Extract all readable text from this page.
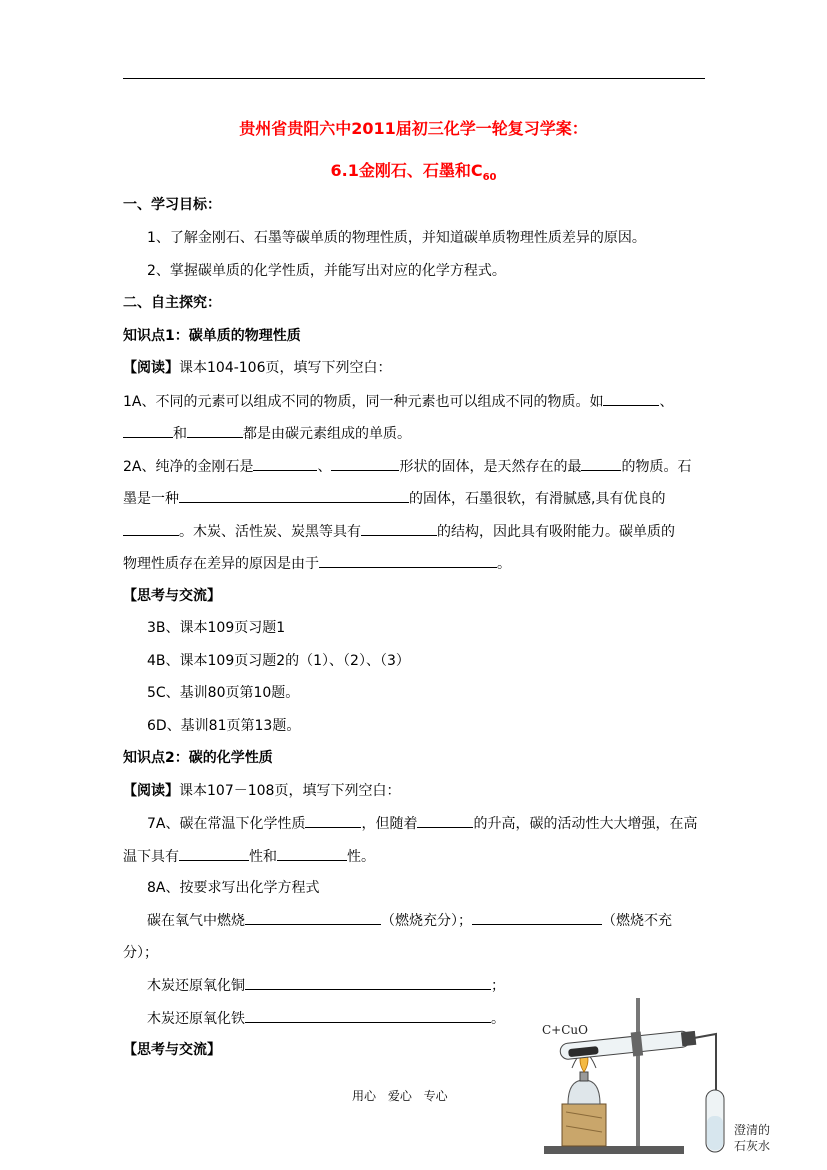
贵州省贵阳六中2011届初三化学一轮复习学案：
6.1金刚石、石墨和$C_{60}$
一、学习目标：
1、了解金刚石、石墨等碳单质的物理性质，并知道碳单质物理性质差异的原因。
2、掌握碳单质的化学性质，并能写出对应的化学方程式。
二、自主探究：
知识点1：碳单质的物理性质
【阅读】课本104-106页，填写下列空白：
1A、不同的元素可以组成不同的物质，同一种元素也可以组成不同的物质。如	、
和	都是由碳元素组成的单质。
2A、纯净的金刚石是	、	形状的固体，是天然存在的最	的物质。石
墨是一种	的固体，石墨很软，有滑腻感,具有优良的
。木炭、活性炭、炭黑等具有	的结构，因此具有吸附能力。碳单质的
物理性质存在差异的原因是由于	。
【思考与交流】
3B、课本109页习题1
4B、课本109页习题2的（1）、（2）、（3）
5C、基训80页第10题。
6D、基训81页第13题。
知识点2：碳的化学性质
【阅读】课本107－108页，填写下列空白：
7A、碳在常温下化学性质	，但随着	的升高，碳的活动性大大增强，在高
温下具有	性和	性。
8A、按要求写出化学方程式
碳在氧气中燃烧	（燃烧充分）；	（燃烧不充
分）；
木炭还原氧化铜	；
木炭还原氧化铁	。
【思考与交流】
用心 爱心 专心
C+CuO
澄清的
石灰水
